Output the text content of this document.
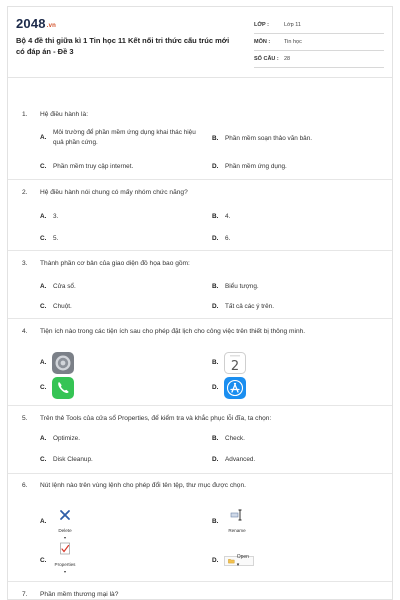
2048.vn
Bộ 4 đề thi giữa kì 1 Tin học 11 Kết nối tri thức cấu trúc mới có đáp án - Đề 3
LỚP :	Lớp 11
MÔN :	Tin học
SỐ CÂU : 28
1. Hệ điều hành là:
A.
Môi trường để phần mềm ứng dụng khai thác hiệu quả phần cứng.
B. Phần mềm soạn thảo văn bản.
C. Phần mềm truy cập internet.	D. Phần mềm ứng dụng.
2. Hệ điều hành nói chung có mấy nhóm chức năng?
A. 3.	B. 4.
C. 5.	D. 6.
3. Thành phần cơ bản của giao diện đồ họa bao gồm:
A. Cửa sổ.	B. Biểu tượng.
C. Chuột.	D. Tất cả các ý trên.
4. Tiện ích nào trong các tiện ích sau cho phép đặt lịch cho công việc trên thiết bị thông minh.
A.	B. 2
C.	D.
5. Trên thẻ Tools của cửa sổ Properties, để kiểm tra và khắc phục lỗi đĩa, ta chọn:
A. Optimize.	B. Check.
C. Disk Cleanup.	D. Advanced.
6. Nút lệnh nào trên vùng lệnh cho phép đổi tên tệp, thư mục được chọn.
A.
Delete
▾
B.
Rename
C.
Properties
▾
D.	Open ▾
7. Phần mềm thương mại là?
